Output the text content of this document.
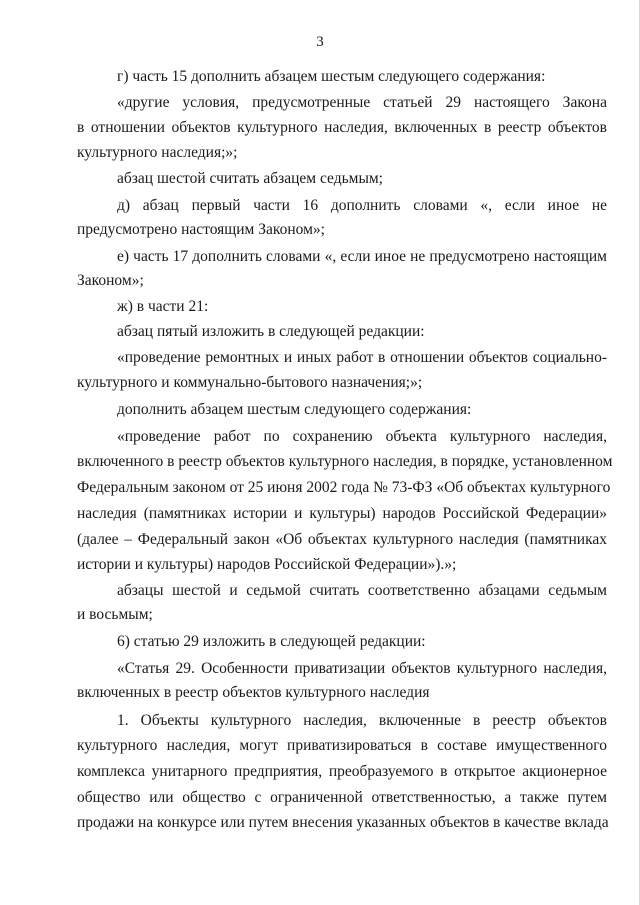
3
г) часть 15 дополнить абзацем шестым следующего содержания:
«другие условия, предусмотренные статьей 29 настоящего Закона
в отношении объектов культурного наследия, включенных в реестр объектов
культурного наследия;»;
абзац шестой считать абзацем седьмым;
д) абзац первый части 16 дополнить словами «, если иное не
предусмотрено настоящим Законом»;
е) часть 17 дополнить словами «, если иное не предусмотрено настоящим
Законом»;
ж) в части 21:
абзац пятый изложить в следующей редакции:
«проведение ремонтных и иных работ в отношении объектов социально-
культурного и коммунально-бытового назначения;»;
дополнить абзацем шестым следующего содержания:
«проведение работ по сохранению объекта культурного наследия,
включенного в реестр объектов культурного наследия, в порядке, установленном
Федеральным законом от 25 июня 2002 года № 73-ФЗ «Об объектах культурного
наследия (памятниках истории и культуры) народов Российской Федерации»
(далее – Федеральный закон «Об объектах культурного наследия (памятниках
истории и культуры) народов Российской Федерации»).»;
абзацы шестой и седьмой считать соответственно абзацами седьмым
и восьмым;
6) статью 29 изложить в следующей редакции:
«Статья 29. Особенности приватизации объектов культурного наследия,
включенных в реестр объектов культурного наследия
1. Объекты культурного наследия, включенные в реестр объектов
культурного наследия, могут приватизироваться в составе имущественного
комплекса унитарного предприятия, преобразуемого в открытое акционерное
общество или общество с ограниченной ответственностью, а также путем
продажи на конкурсе или путем внесения указанных объектов в качестве вклада
